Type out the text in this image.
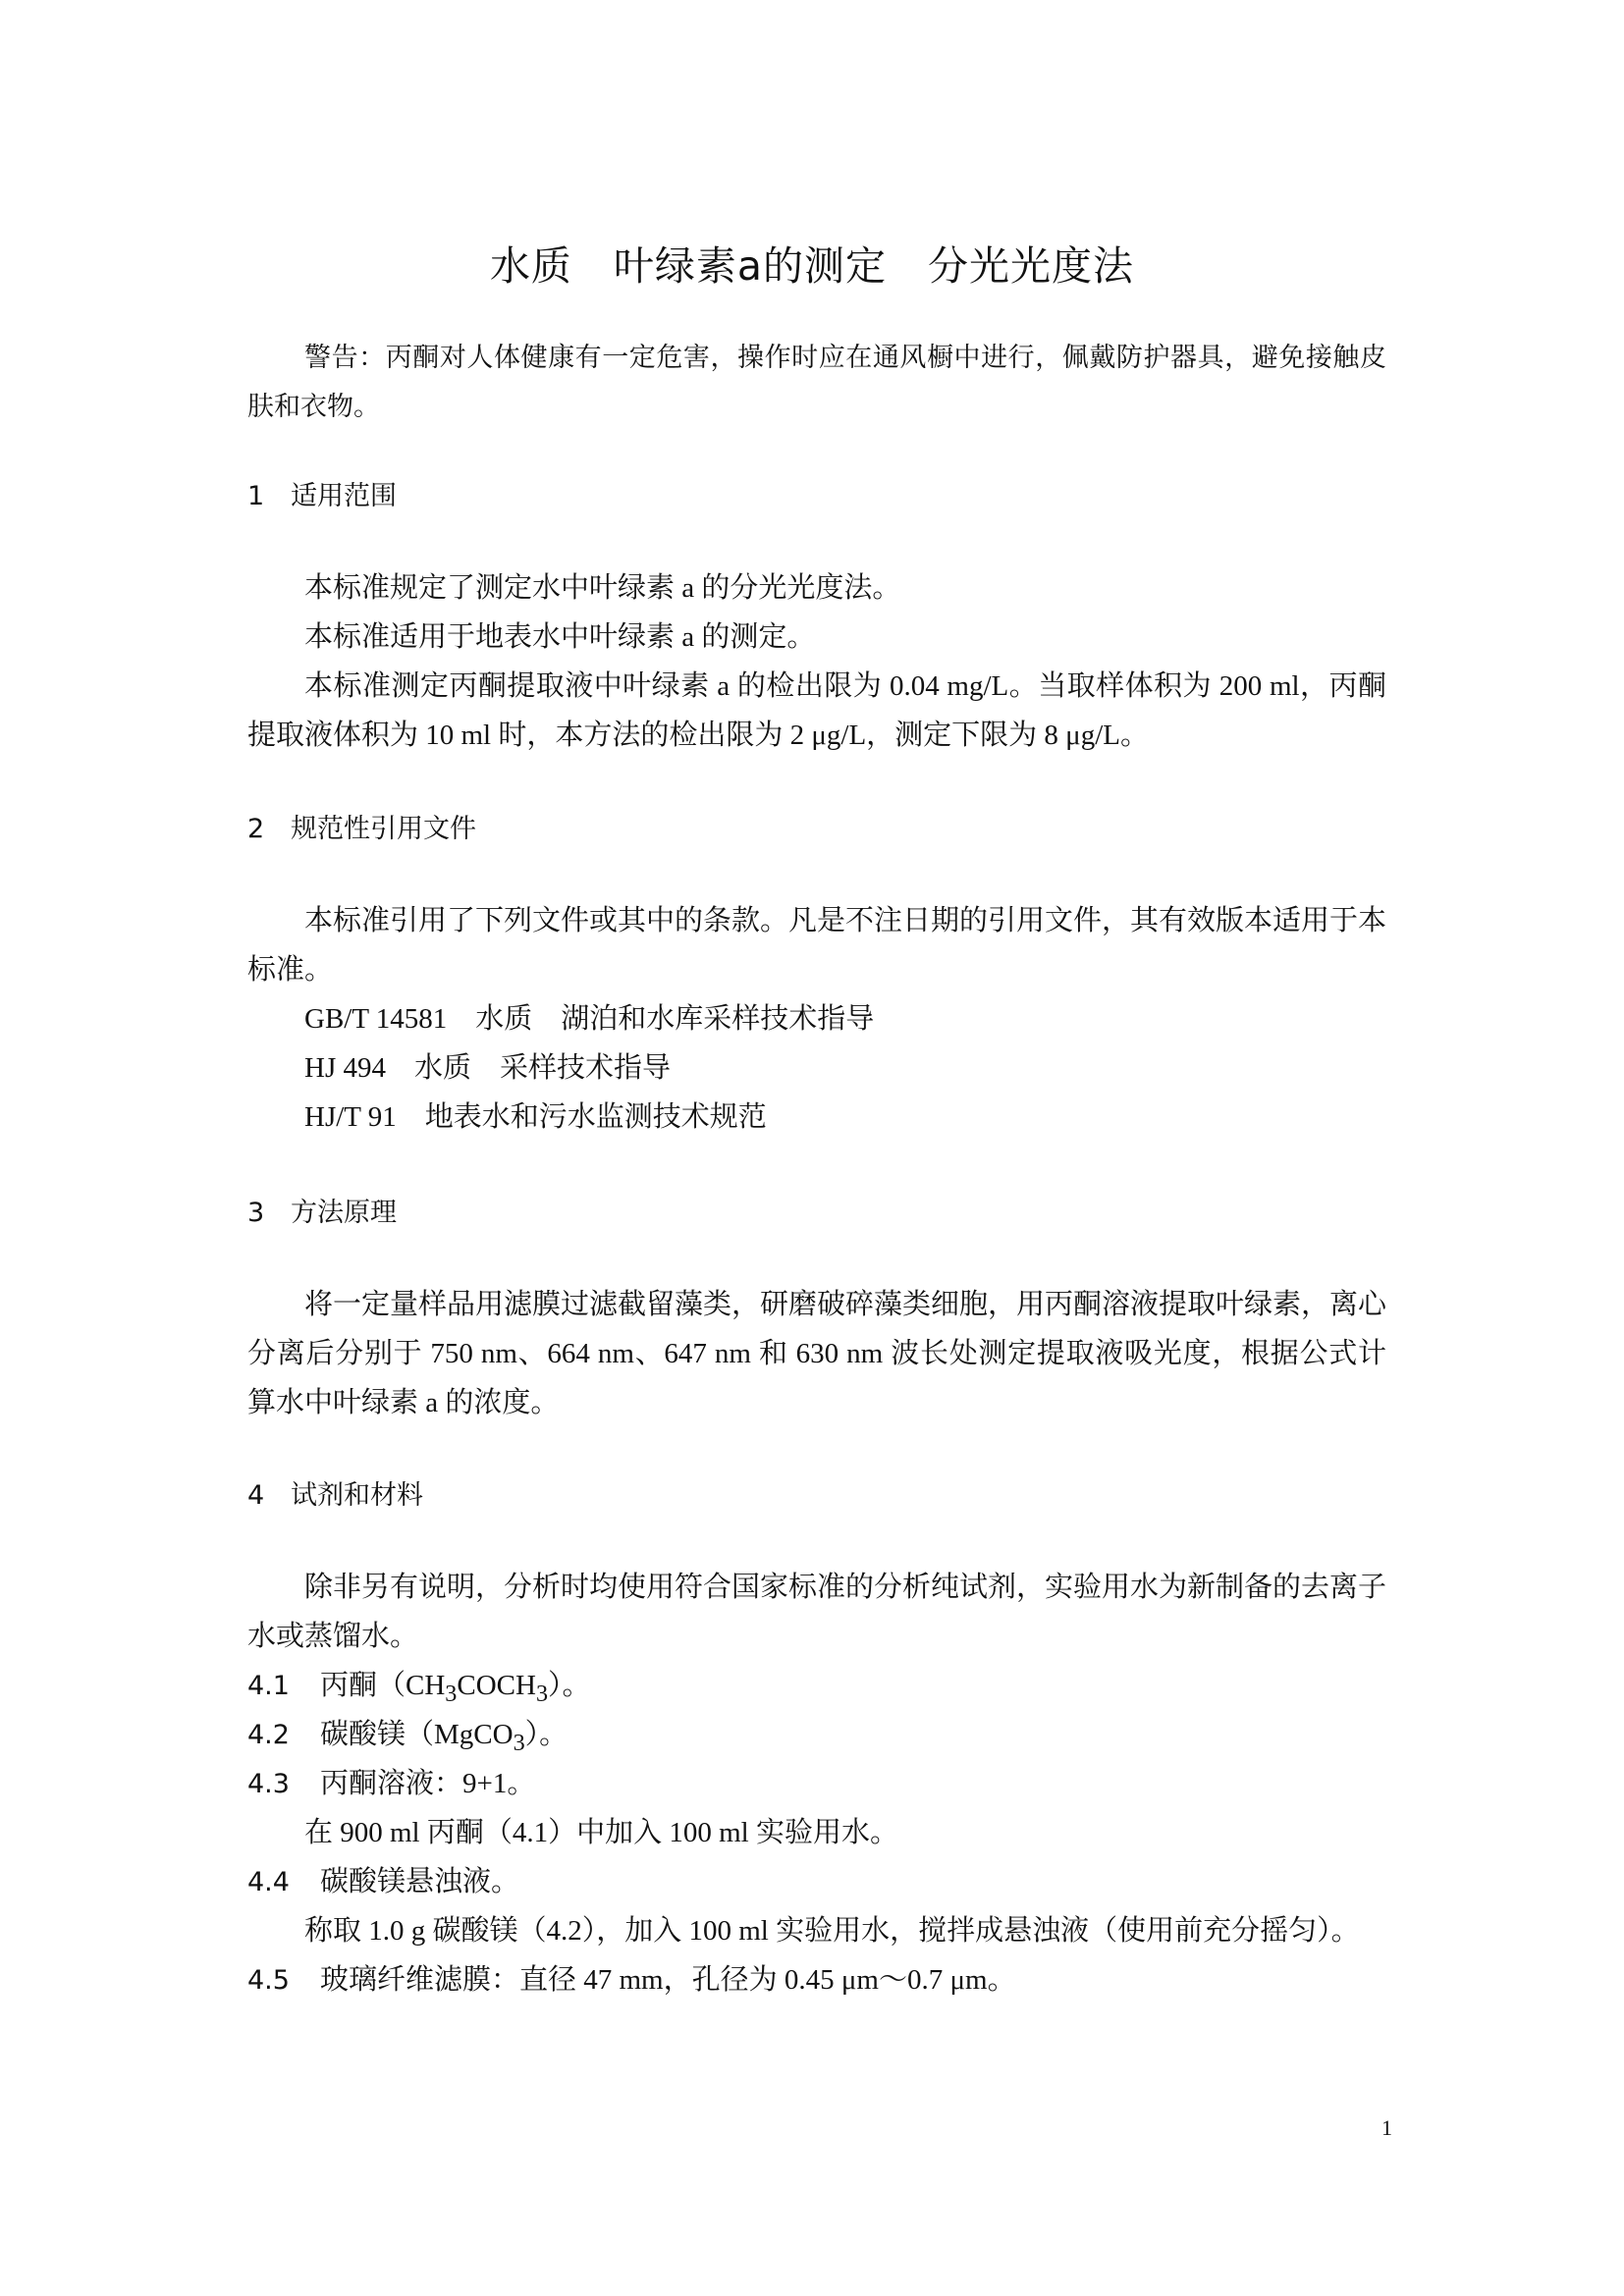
水质　叶绿素a的测定　分光光度法

警告：丙酮对人体健康有一定危害，操作时应在通风橱中进行，佩戴防护器具，避免接触皮肤和衣物。

1 适用范围

本标准规定了测定水中叶绿素 a 的分光光度法。

本标准适用于地表水中叶绿素 a 的测定。

本标准测定丙酮提取液中叶绿素 a 的检出限为 0.04 mg/L。当取样体积为 200 ml，丙酮提取液体积为 10 ml 时，本方法的检出限为 2 μg/L，测定下限为 8 μg/L。

2 规范性引用文件

本标准引用了下列文件或其中的条款。凡是不注日期的引用文件，其有效版本适用于本标准。

GB/T 14581　水质　湖泊和水库采样技术指导

HJ 494　水质　采样技术指导

HJ/T 91　地表水和污水监测技术规范

3 方法原理

将一定量样品用滤膜过滤截留藻类，研磨破碎藻类细胞，用丙酮溶液提取叶绿素，离心分离后分别于 750 nm、664 nm、647 nm 和 630 nm 波长处测定提取液吸光度，根据公式计算水中叶绿素 a 的浓度。

4 试剂和材料

除非另有说明，分析时均使用符合国家标准的分析纯试剂，实验用水为新制备的去离子水或蒸馏水。

4.1 丙酮$(CH_3COCH_3)$。

4.2 碳酸镁（MgCO$_3$）。

4.3 丙酮溶液：9+1。

在 900 ml 丙酮（4.1）中加入 100 ml 实验用水。

4.4 碳酸镁悬浊液。

称取 1.0 g 碳酸镁（4.2），加入 100 ml 实验用水，搅拌成悬浊液（使用前充分摇匀）。

4.5 玻璃纤维滤膜：直径 47 mm，孔径为 0.45 μm～0.7 μm。

1
